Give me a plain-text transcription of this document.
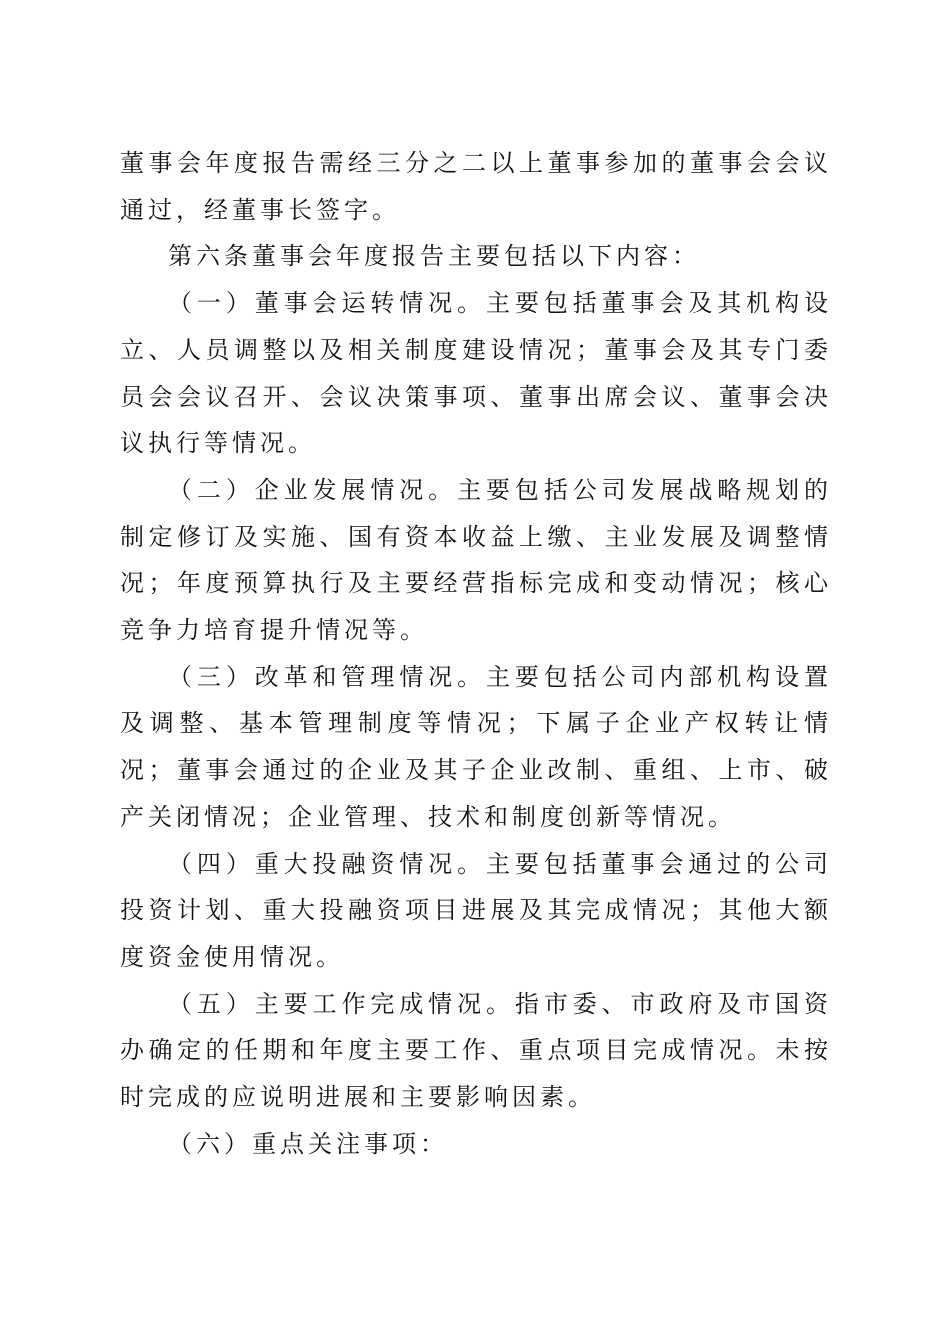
董事会年度报告需经三分之二以上董事参加的董事会会议通过，经董事长签字。

第六条董事会年度报告主要包括以下内容：

（一）董事会运转情况。主要包括董事会及其机构设立、人员调整以及相关制度建设情况；董事会及其专门委员会会议召开、会议决策事项、董事出席会议、董事会决议执行等情况。

（二）企业发展情况。主要包括公司发展战略规划的制定修订及实施、国有资本收益上缴、主业发展及调整情况；年度预算执行及主要经营指标完成和变动情况；核心竞争力培育提升情况等。

（三）改革和管理情况。主要包括公司内部机构设置及调整、基本管理制度等情况；下属子企业产权转让情况；董事会通过的企业及其子企业改制、重组、上市、破产关闭情况；企业管理、技术和制度创新等情况。

（四）重大投融资情况。主要包括董事会通过的公司投资计划、重大投融资项目进展及其完成情况；其他大额度资金使用情况。

（五）主要工作完成情况。指市委、市政府及市国资办确定的任期和年度主要工作、重点项目完成情况。未按时完成的应说明进展和主要影响因素。

（六）重点关注事项：
